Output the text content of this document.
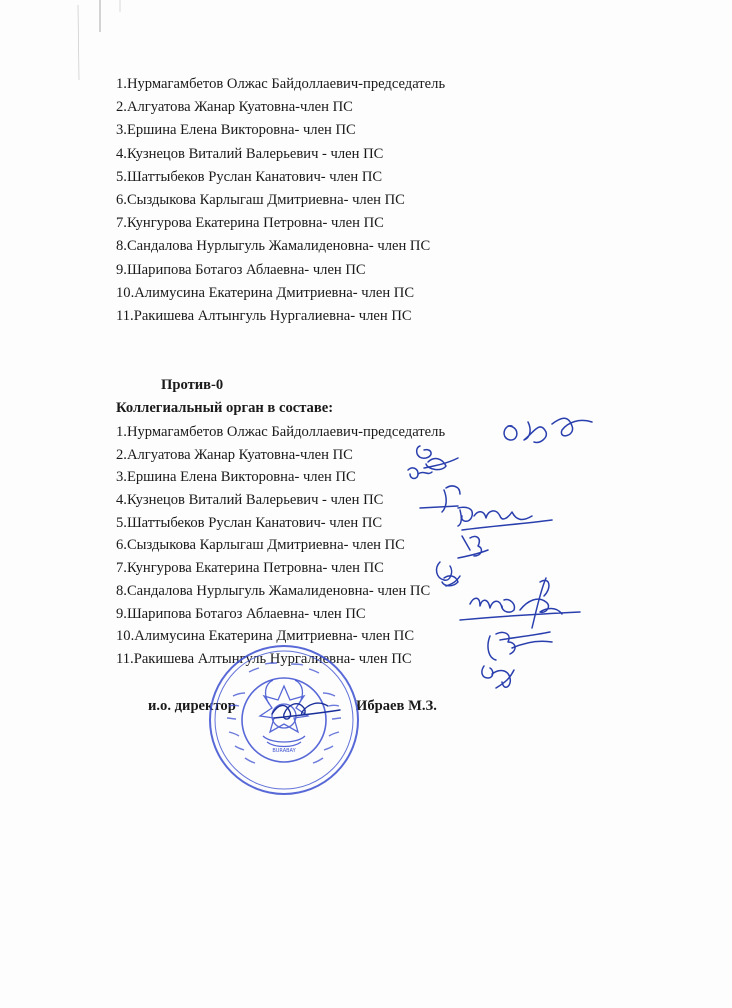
1.Нурмагамбетов Олжас Байдоллаевич-председатель
2.Алгуатова Жанар Куатовна-член ПС
3.Ершина Елена Викторовна- член ПС
4.Кузнецов Виталий Валерьевич - член ПС
5.Шаттыбеков Руслан Канатович- член ПС
6.Сыздыкова Карлыгаш Дмитриевна- член ПС
7.Кунгурова Екатерина Петровна- член ПС
8.Сандалова Нурлыгуль Жамалиденовна- член ПС
9.Шарипова Ботагоз Аблаевна- член ПС
10.Алимусина Екатерина Дмитриевна- член ПС
11.Ракишева Алтынгуль Нургалиевна- член ПС
Против-0
Коллегиальный орган в составе:
1.Нурмагамбетов Олжас Байдоллаевич-председатель
2.Алгуатова Жанар Куатовна-член ПС
3.Ершина Елена Викторовна- член ПС
4.Кузнецов Виталий Валерьевич - член ПС
5.Шаттыбеков Руслан Канатович- член ПС
6.Сыздыкова Карлыгаш Дмитриевна- член ПС
7.Кунгурова Екатерина Петровна- член ПС
8.Сандалова Нурлыгуль Жамалиденовна- член ПС
9.Шарипова Ботагоз Аблаевна- член ПС
10.Алимусина Екатерина Дмитриевна- член ПС
11.Ракишева Алтынгуль Нургалиевна- член ПС
и.о. директор	Ибраев М.З.
BURABAY
